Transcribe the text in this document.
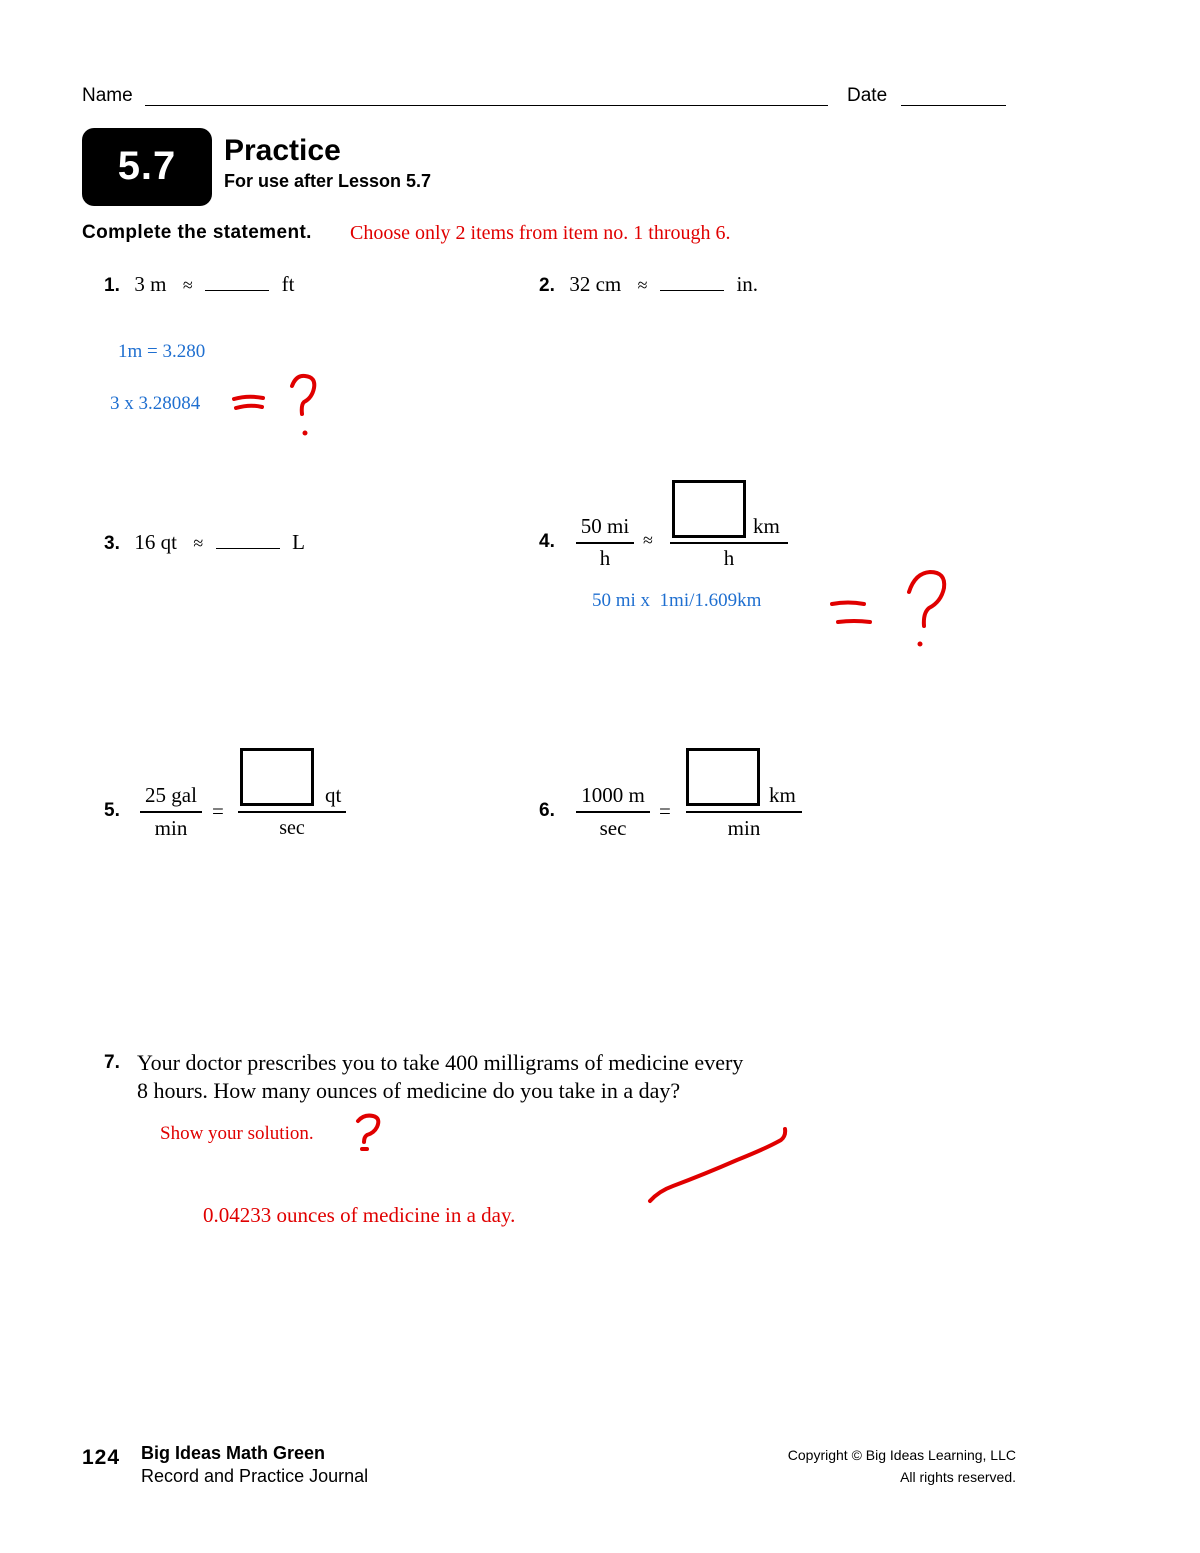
Name	Date
5.7	Practice
For use after Lesson 5.7
Complete the statement. Choose only 2 items from item no. 1 through 6.
1. 3 m ≈	ft	2. 32 cm ≈	in.
1m = 3.280
3 x 3.28084
3. 16 qt ≈	L	4.
50 mi
h
≈
km
h
50 mi x  1mi/1.609km
5.
25 gal
min
=
qt
sec
6.
1000 m
sec
=
km
min
7. Your doctor prescribes you to take 400 milligrams of medicine every
8 hours. How many ounces of medicine do you take in a day?
Show your solution.
0.04233 ounces of medicine in a day.
124 Big Ideas Math Green
Record and Practice Journal
Copyright © Big Ideas Learning, LLC
All rights reserved.
